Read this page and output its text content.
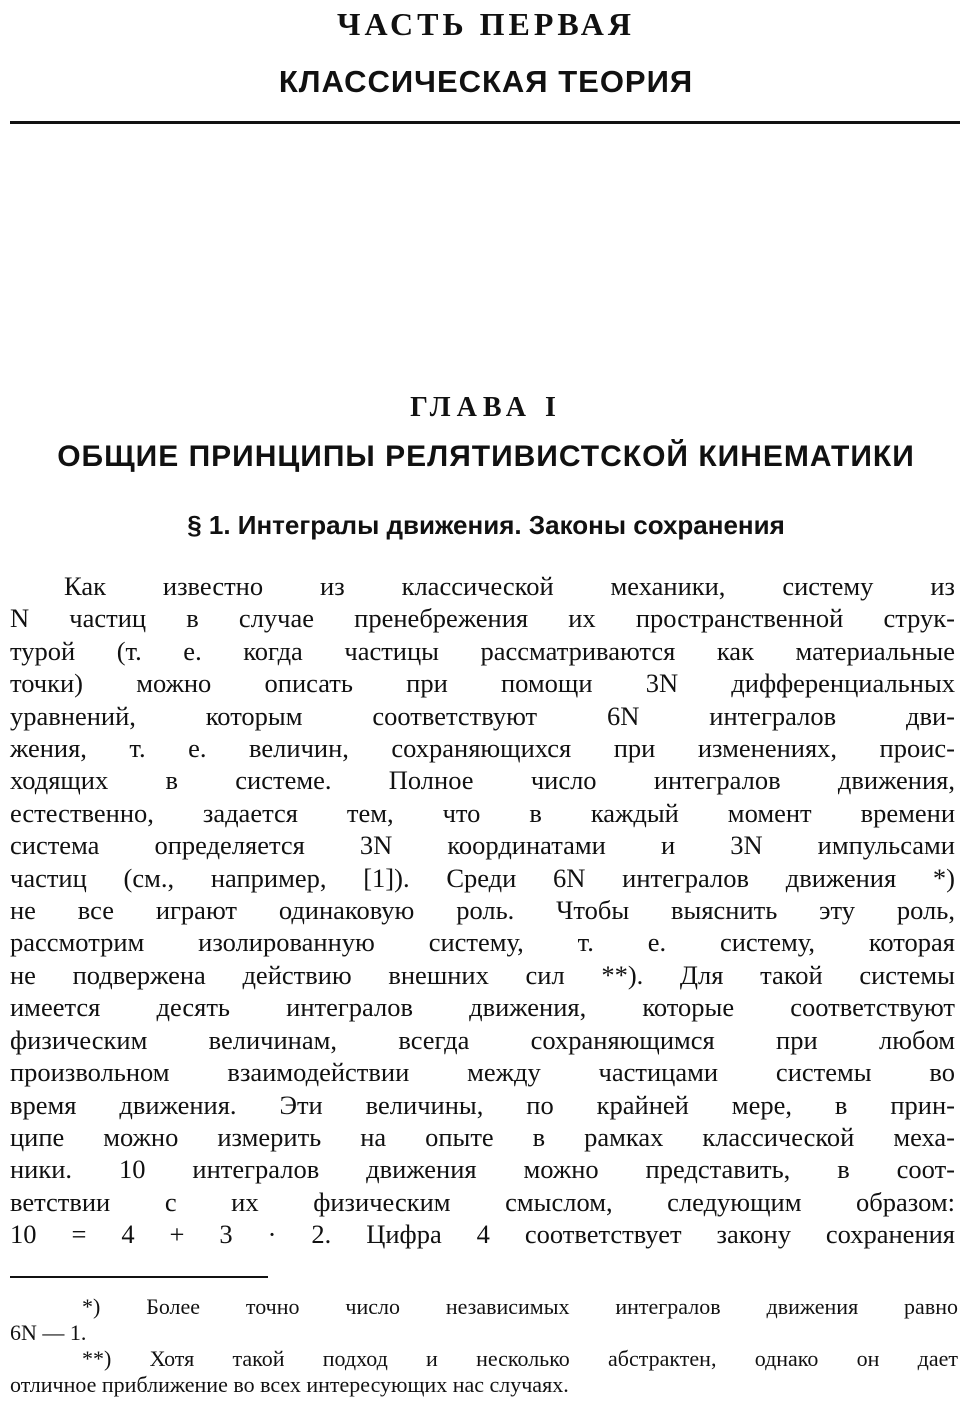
ЧАСТЬ ПЕРВАЯ
КЛАССИЧЕСКАЯ ТЕОРИЯ
ГЛАВА I
ОБЩИЕ ПРИНЦИПЫ РЕЛЯТИВИСТСКОЙ КИНЕМАТИКИ
§ 1. Интегралы движения. Законы сохранения
Как известно из классической механики, систему из
N частиц в случае пренебрежения их пространственной струк-
турой (т. е. когда частицы рассматриваются как материальные
точки) можно описать при помощи 3N дифференциальных
уравнений, которым соответствуют 6N интегралов дви-
жения, т. е. величин, сохраняющихся при изменениях, проис-
ходящих в системе. Полное число интегралов движения,
естественно, задается тем, что в каждый момент времени
система определяется 3N координатами и 3N импульсами
частиц (см., например, [1]). Среди 6N интегралов движения *)
не все играют одинаковую роль. Чтобы выяснить эту роль,
рассмотрим изолированную систему, т. е. систему, которая
не подвержена действию внешних сил **). Для такой системы
имеется десять интегралов движения, которые соответствуют
физическим величинам, всегда сохраняющимся при любом
произвольном взаимодействии между частицами системы во
время движения. Эти величины, по крайней мере, в прин-
ципе можно измерить на опыте в рамках классической меха-
ники. 10 интегралов движения можно представить, в соот-
ветствии с их физическим смыслом, следующим образом:
10 = 4 + 3 · 2. Цифра 4 соответствует закону сохранения
*) Более точно число независимых интегралов движения равно
6N — 1.
**) Хотя такой подход и несколько абстрактен, однако он дает
отличное приближение во всех интересующих нас случаях.
